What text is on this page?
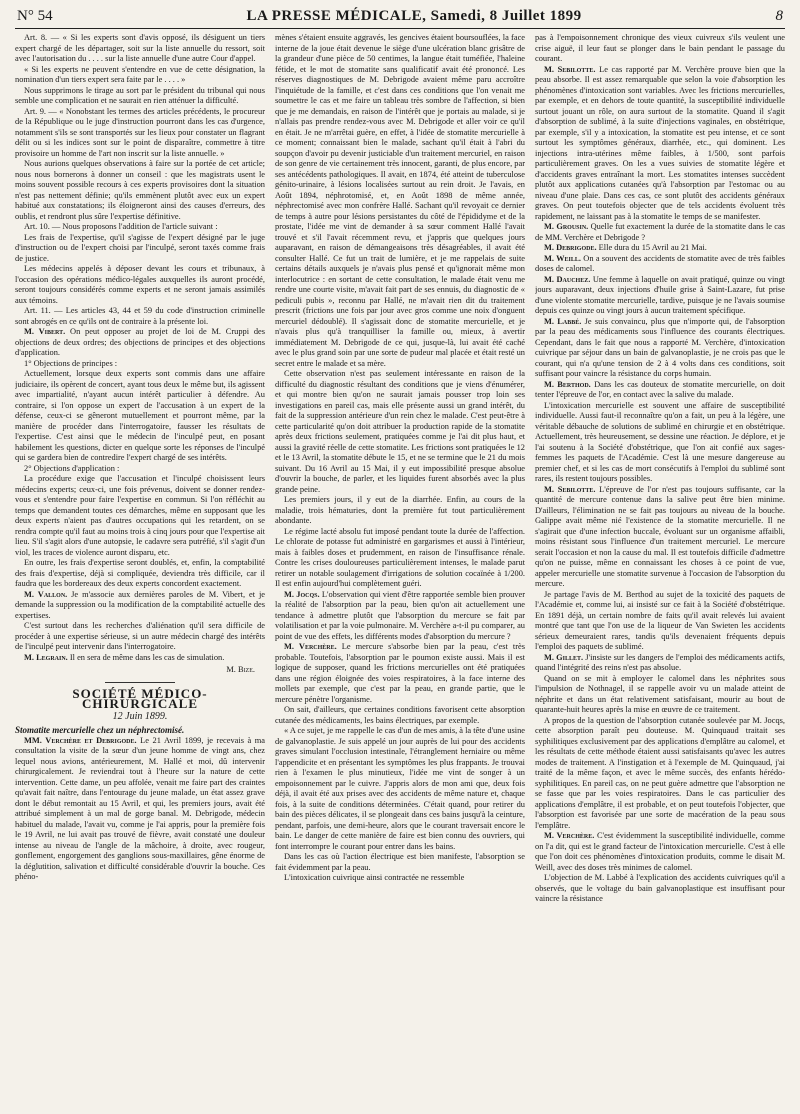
N° 54	LA PRESSE MÉDICALE, Samedi, 8 Juillet 1899	8

Art. 8. — « Si les experts sont d'avis opposé, ils désiguent un tiers expert chargé de les départager, soit sur la liste annuelle du ressort, soit avec l'autorisation du . . . . sur la liste annuelle d'une autre Cour d'appel.

« Si les experts ne peuvent s'entendre en vue de cette désignation, la nomination d'un tiers expert sera faite par le . . . . »

Nous supprimons le tirage au sort par le président du tribunal qui nous semble une complication et ne saurait en rien atténuer la difficulté.

Art. 9. — « Nonobstant les termes des articles précédents, le procureur de la République ou le juge d'instruction pourront dans les cas d'urgence, notamment s'ils se sont transportés sur les lieux pour constater un flagrant délit ou si les indices sont sur le point de disparaître, commettre à titre provisoire un homme de l'art non inscrit sur la liste annuelle. »

Nous aurions quelques observations à faire sur la portée de cet article; nous nous bornerons à donner un conseil : que les magistrats usent le moins souvent possible recours à ces experts provisoires dont la situation n'est pas nettement définie; qu'ils emmènent plutôt avec eux un expert habitué aux constatations; ils éloigneront ainsi des causes d'erreurs, des oublis, et rendront plus sûre l'expertise définitive.

Art. 10. — Nous proposons l'addition de l'article suivant :

Les frais de l'expertise, qu'il s'agisse de l'expert désigné par le juge d'instruction ou de l'expert choisi par l'inculpé, seront taxés comme frais de justice.

Les médecins appelés à déposer devant les cours et tribunaux, à l'occasion des opérations médico-légales auxquelles ils auront procédé, seront toujours considérés comme experts et ne seront jamais assimilés aux témoins.

Art. 11. — Les articles 43, 44 et 59 du code d'instruction criminelle sont abrogés en ce qu'ils ont de contraire à la présente loi.

M. Vibert. On peut opposer au projet de loi de M. Cruppi des objections de deux ordres; des objections de principes et des objections d'application.

1° Objections de principes :

Actuellement, lorsque deux experts sont commis dans une affaire judiciaire, ils opèrent de concert, ayant tous deux le même but, ils agissent avec impartialité, n'ayant aucun intérêt particulier à défendre. Au contraire, si l'on oppose un expert de l'accusation à un expert de la défense, ceux-ci se gêneront mutuellement et pourront même, par la manière de procéder dans l'interrogatoire, fausser les résultats de l'expertise. C'est ainsi que le médecin de l'inculpé peut, en posant habilement les questions, dicter en quelque sorte les réponses de l'inculpé qui se gardera bien de contredire l'expert chargé de ses intérêts.

2° Objections d'application :

La procédure exige que l'accusation et l'inculpé choisissent leurs médecins experts; ceux-ci, une fois prévenus, doivent se donner rendez-vous et s'entendre pour faire l'expertise en commun. Si l'on réfléchit au temps que demandent toutes ces démarches, même en supposant que les deux experts n'aient pas d'autres occupations qui les retardent, on se rendra compte qu'il faut au moins trois à cinq jours pour que l'expertise ait lieu. S'il s'agit alors d'une autopsie, le cadavre sera putréfié, s'il s'agit d'un viol, les traces de violence auront disparu, etc.

En outre, les frais d'expertise seront doublés, et, enfin, la comptabilité des frais d'expertise, déjà si compliquée, deviendra très difficile, car il faudra que les bordereaux des deux experts concordent exactement.

M. Vallon. Je m'associe aux dernières paroles de M. Vibert, et je demande la suppression ou la modification de la comptabilité actuelle des expertises.

C'est surtout dans les recherches d'aliénation qu'il sera difficile de procéder à une expertise sérieuse, si un autre médecin chargé des intérêts de l'inculpé peut intervenir dans l'interrogatoire.

M. Legrain. Il en sera de même dans les cas de simulation.

M. Bize.

SOCIÉTÉ MÉDICO-CHIRURGICALE
12 Juin 1899.

Stomatite mercurielle chez un néphrectomisé.

MM. Verchère et Debrigode. Le 21 Avril 1899, je recevais à ma consultation la visite de la sœur d'un jeune homme de vingt ans, chez lequel nous avions, antérieurement, M. Hallé et moi, dû intervenir chirurgicalement. Je reviendrai tout à l'heure sur la nature de cette intervention. Cette dame, un peu affolée, venait me faire part des craintes qu'avait fait naître, dans l'entourage du jeune malade, un état assez grave dont le début remontait au 15 Avril, et qui, les premiers jours, avait été attribué simplement à un mal de gorge banal. M. Debrigode, médecin habituel du malade, l'avait vu, comme je l'ai appris, pour la première fois le 19 Avril, ne lui avait pas trouvé de fièvre, avait constaté une douleur intense au niveau de l'angle de la mâchoire, à droite, avec rougeur, gonflement, engorgement des ganglions sous-maxillaires, gêne énorme de la déglutition, salivation et difficulté considérable d'ouvrir la bouche. Ces phéno-

mènes s'étaient ensuite aggravés, les gencives étaient boursouflées, la face interne de la joue était devenue le siège d'une ulcération blanc grisâtre de la grandeur d'une pièce de 50 centimes, la langue était tuméfiée, l'haleine fétide, et le mot de stomatite sans qualificatif avait été prononcé. Les réserves diagnostiques de M. Debrigode avaient même paru accroître l'inquiétude de la famille, et c'est dans ces conditions que l'on venait me soumettre le cas et me faire un tableau très sombre de l'affection, si bien que je me demandais, en raison de l'intérêt que je portais au malade, si je n'allais pas prendre rendez-vous avec M. Debrigode et aller voir ce qu'il en était. Je ne m'arrêtai guère, en effet, à l'idée de stomatite mercurielle à ce moment; connaissant bien le malade, sachant qu'il était à l'abri du soupçon d'avoir pu devenir justiciable d'un traitement mercuriel, en raison de son genre de vie certainement très innocent, garanti, de plus encore, par ses antécédents pathologiques. Il avait, en 1874, été atteint de tuberculose génito-urinaire, à lésions localisées surtout au rein droit. Je l'avais, en Août 1894, néphrotomisé, et, en Août 1898 de même année, néphrectomisé avec mon confrère Hallé. Sachant qu'il revoyait ce dernier de temps à autre pour lésions persistantes du côté de l'épididyme et de la prostate, l'idée me vint de demander à sa sœur comment Hallé l'avait trouvé et s'il l'avait récemment revu, et j'appris que quelques jours auparavant, en raison de démangeaisons très désagréables, il avait été consulter Hallé. Ce fut un trait de lumière, et je me rappelais de suite certains détails auxquels je n'avais plus pensé et qu'ignorait même mon interlocutrice : en sortant de cette consultation, le malade était venu me rendre une courte visite, m'avait fait part de ses ennuis, du diagnostic de « pediculi pubis », reconnu par Hallé, ne m'avait rien dit du traitement prescrit (frictions une fois par jour avec gros comme une noix d'onguent mercuriel dédoublé). Il s'agissait donc de stomatite mercurielle, et je n'avais plus qu'à tranquilliser la famille ou, mieux, à avertir immédiatement M. Debrigode de ce qui, jusque-là, lui avait été caché avec le plus grand soin par une sorte de pudeur mal placée et était resté un secret entre le malade et sa mère.

Cette observation n'est pas seulement intéressante en raison de la difficulté du diagnostic résultant des conditions que je viens d'énumérer, et qui montre bien qu'on ne saurait jamais pousser trop loin ses investigations en pareil cas, mais elle présente aussi un grand intérêt, du fait de la suppression antérieure d'un rein chez le malade. C'est peut-être à cette particularité qu'on doit attribuer la production rapide de la stomatite après deux frictions seulement, pratiquées comme je l'ai dit plus haut, et aussi la gravité réelle de cette stomatite. Les frictions sont pratiquées le 12 et le 13 Avril, la stomatite débute le 15, et ne se termine que le 21 du mois suivant. Du 16 Avril au 15 Mai, il y eut impossibilité presque absolue d'ouvrir la bouche, de parler, et les liquides furent absorbés avec la plus grande peine.

Les premiers jours, il y eut de la diarrhée. Enfin, au cours de la maladie, trois hématuries, dont la première fut tout particulièrement abondante.

Le régime lacté absolu fut imposé pendant toute la durée de l'affection. Le chlorate de potasse fut administré en gargarismes et aussi à l'intérieur, mais à faibles doses et prudemment, en raison de l'insuffisance rénale. Contre les crises douloureuses particulièrement intenses, le malade parut retirer un notable soulagement d'irrigations de solution cocaïnée à 1/200. Il est enfin aujourd'hui complètement guéri.

M. Jocqs. L'observation qui vient d'être rapportée semble bien prouver la réalité de l'absorption par la peau, bien qu'on ait actuellement une tendance à admettre plutôt que l'absorption du mercure se fait par volatilisation et par la voie pulmonaire. M. Verchère a-t-il pu comparer, au point de vue des effets, les différents modes d'absorption du mercure ?

M. Verchère. Le mercure s'absorbe bien par la peau, c'est très probable. Toutefois, l'absorption par le poumon existe aussi. Mais il est logique de supposer, quand les frictions mercurielles ont été pratiquées dans une région éloignée des voies respiratoires, à la face interne des mollets par exemple, que c'est par la peau, en grande partie, que le mercure pénètre l'organisme.

On sait, d'ailleurs, que certaines conditions favorisent cette absorption cutanée des médicaments, les bains électriques, par exemple.

« A ce sujet, je me rappelle le cas d'un de mes amis, à la tête d'une usine de galvanoplastie. Je suis appelé un jour auprès de lui pour des accidents graves simulant l'occlusion intestinale, l'étranglement herniaire ou même l'appendicite et en présentant les symptômes les plus frappants. Je trouvai rien à l'examen le plus minutieux, l'idée me vint de songer à un empoisonnement par le cuivre. J'appris alors de mon ami que, deux fois déjà, il avait été aux prises avec des accidents de même nature et, chaque fois, à la suite de conditions déterminées. C'était quand, pour retirer du bain des pièces délicates, il se plongeait dans ces bains jusqu'à la ceinture, pendant, parfois, une demi-heure, alors que le courant traversait encore le bain. Le danger de cette manière de faire est bien connu des ouvriers, qui font interrompre le courant pour entrer dans les bains.

Dans les cas où l'action électrique est bien manifeste, l'absorption se fait évidemment par la peau.

L'intoxication cuivrique ainsi contractée ne ressemble

pas à l'empoisonnement chronique des vieux cuivreux s'ils veulent une crise aiguë, il leur faut se plonger dans le bain pendant le passage du courant.

M. Sebilotte. Le cas rapporté par M. Verchère prouve bien que la peau absorbe. Il est assez remarquable que selon la voie d'absorption les phénomènes d'intoxication sont variables. Avec les frictions mercurielles, par exemple, et en dehors de toute quantité, la susceptibilité individuelle surtout jouant un rôle, on aura surtout de la stomatite. Quand il s'agit d'absorption de sublimé, à la suite d'injections vaginales, en obstétrique, par exemple, s'il y a intoxication, la stomatite est peu intense, et ce sont surtout les symptômes généraux, diarrhée, etc., qui dominent. Les injections intra-utérines même faibles, à 1/500, sont parfois particulièrement graves. On les a vues suivies de stomatite légère et d'accidents graves entraînant la mort. Les stomatites intenses succèdent plutôt aux applications cutanées qu'à l'absorption par l'estomac ou au niveau d'une plaie. Dans ces cas, ce sont plutôt des accidents généraux graves. On peut toutefois objecter que de tels accidents évoluent très rapidement, ne laissant pas à la stomatite le temps de se manifester.

M. Grousin. Quelle fut exactement la durée de la stomatite dans le cas de MM. Verchère et Debrigode ?

M. Debrigode. Elle dura du 15 Avril au 21 Mai.

M. Weill. On a souvent des accidents de stomatite avec de très faibles doses de calomel.

M. Dauchez. Une femme à laquelle on avait pratiqué, quinze ou vingt jours auparavant, deux injections d'huile grise à Saint-Lazare, fut prise d'une violente stomatite mercurielle, tardive, puisque je ne l'avais soumise depuis ces quinze ou vingt jours à aucun traitement spécifique.

M. Labbé. Je suis convaincu, plus que n'importe qui, de l'absorption par la peau des médicaments sous l'influence des courants électriques. Cependant, dans le fait que nous a rapporté M. Verchère, d'intoxication cuivrique par séjour dans un bain de galvanoplastie, je ne crois pas que le courant, qui n'a qu'une tension de 2 à 4 volts dans ces conditions, soit suffisant pour vaincre la résistance du corps humain.

M. Berthod. Dans les cas douteux de stomatite mercurielle, on doit tenter l'épreuve de l'or, en contact avec la salive du malade.

L'intoxication mercurielle est souvent une affaire de susceptibilité individuelle. Aussi faut-il reconnaître qu'on a fait, un peu à la légère, une véritable débauche de solutions de sublimé en chirurgie et en obstétrique. Actuellement, très heureusement, se dessine une réaction. Je déplore, et je l'ai soutenu à la Société d'obstétrique, que l'on ait confié aux sages-femmes les paquets de l'Académie. C'est là une mesure dangereuse au premier chef, et si les cas de mort consécutifs à l'emploi du sublimé sont rares, ils restent toujours possibles.

M. Sebilotte. L'épreuve de l'or n'est pas toujours suffisante, car la quantité de mercure contenue dans la salive peut être bien minime. D'ailleurs, l'élimination ne se fait pas toujours au niveau de la bouche. Galippe avait même nié l'existence de la stomatite mercurielle. Il ne s'agirait que d'une infection buccale, évoluant sur un organisme affaibli, moins résistant sous l'influence d'un traitement mercuriel. Le mercure serait l'occasion et non la cause du mal. Il est toutefois difficile d'admettre qu'on ne puisse, même en connaissant les choses à ce point de vue, appeler mercurielle une stomatite survenue à l'occasion de l'absorption du mercure.

Je partage l'avis de M. Berthod au sujet de la toxicité des paquets de l'Académie et, comme lui, ai insisté sur ce fait à la Société d'obstétrique. En 1891 déjà, un certain nombre de faits qu'il avait relevés lui avaient montré que tant que l'on use de la liqueur de Van Swieten les accidents sérieux demeuraient rares, tandis qu'ils devenaient fréquents depuis l'emploi des paquets de sublimé.

M. Gillet. J'insiste sur les dangers de l'emploi des médicaments actifs, quand l'intégrité des reins n'est pas absolue.

Quand on se mit à employer le calomel dans les néphrites sous l'impulsion de Nothnagel, il se rappelle avoir vu un malade atteint de néphrite et dans un état relativement satisfaisant, mourir au bout de quarante-huit heures après la mise en œuvre de ce traitement.

A propos de la question de l'absorption cutanée soulevée par M. Jocqs, cette absorption paraît peu douteuse. M. Quinquaud traitait ses syphilitiques exclusivement par des applications d'emplâtre au calomel, et les résultats de cette méthode étaient aussi satisfaisants qu'avec les autres modes de traitement. A l'instigation et à l'exemple de M. Quinquaud, j'ai traité de la même façon, et avec le même succès, des enfants hérédo-syphilitiques. En pareil cas, on ne peut guère admettre que l'absorption ne se fasse que par les voies respiratoires. Dans le cas particulier des applications d'emplâtre, il est probable, et on peut toutefois l'objecter, que l'absorption est favorisée par une sorte de macération de la peau sous l'emplâtre.

M. Verchère. C'est évidemment la susceptibilité individuelle, comme on l'a dit, qui est le grand facteur de l'intoxication mercurielle. C'est à elle que l'on doit ces phénomènes d'intoxication produits, comme le disait M. Weill, avec des doses très minimes de calomel.

L'objection de M. Labbé à l'explication des accidents cuivriques qu'il a observés, que le voltage du bain galvanoplastique est insuffisant pour vaincre la résistance
